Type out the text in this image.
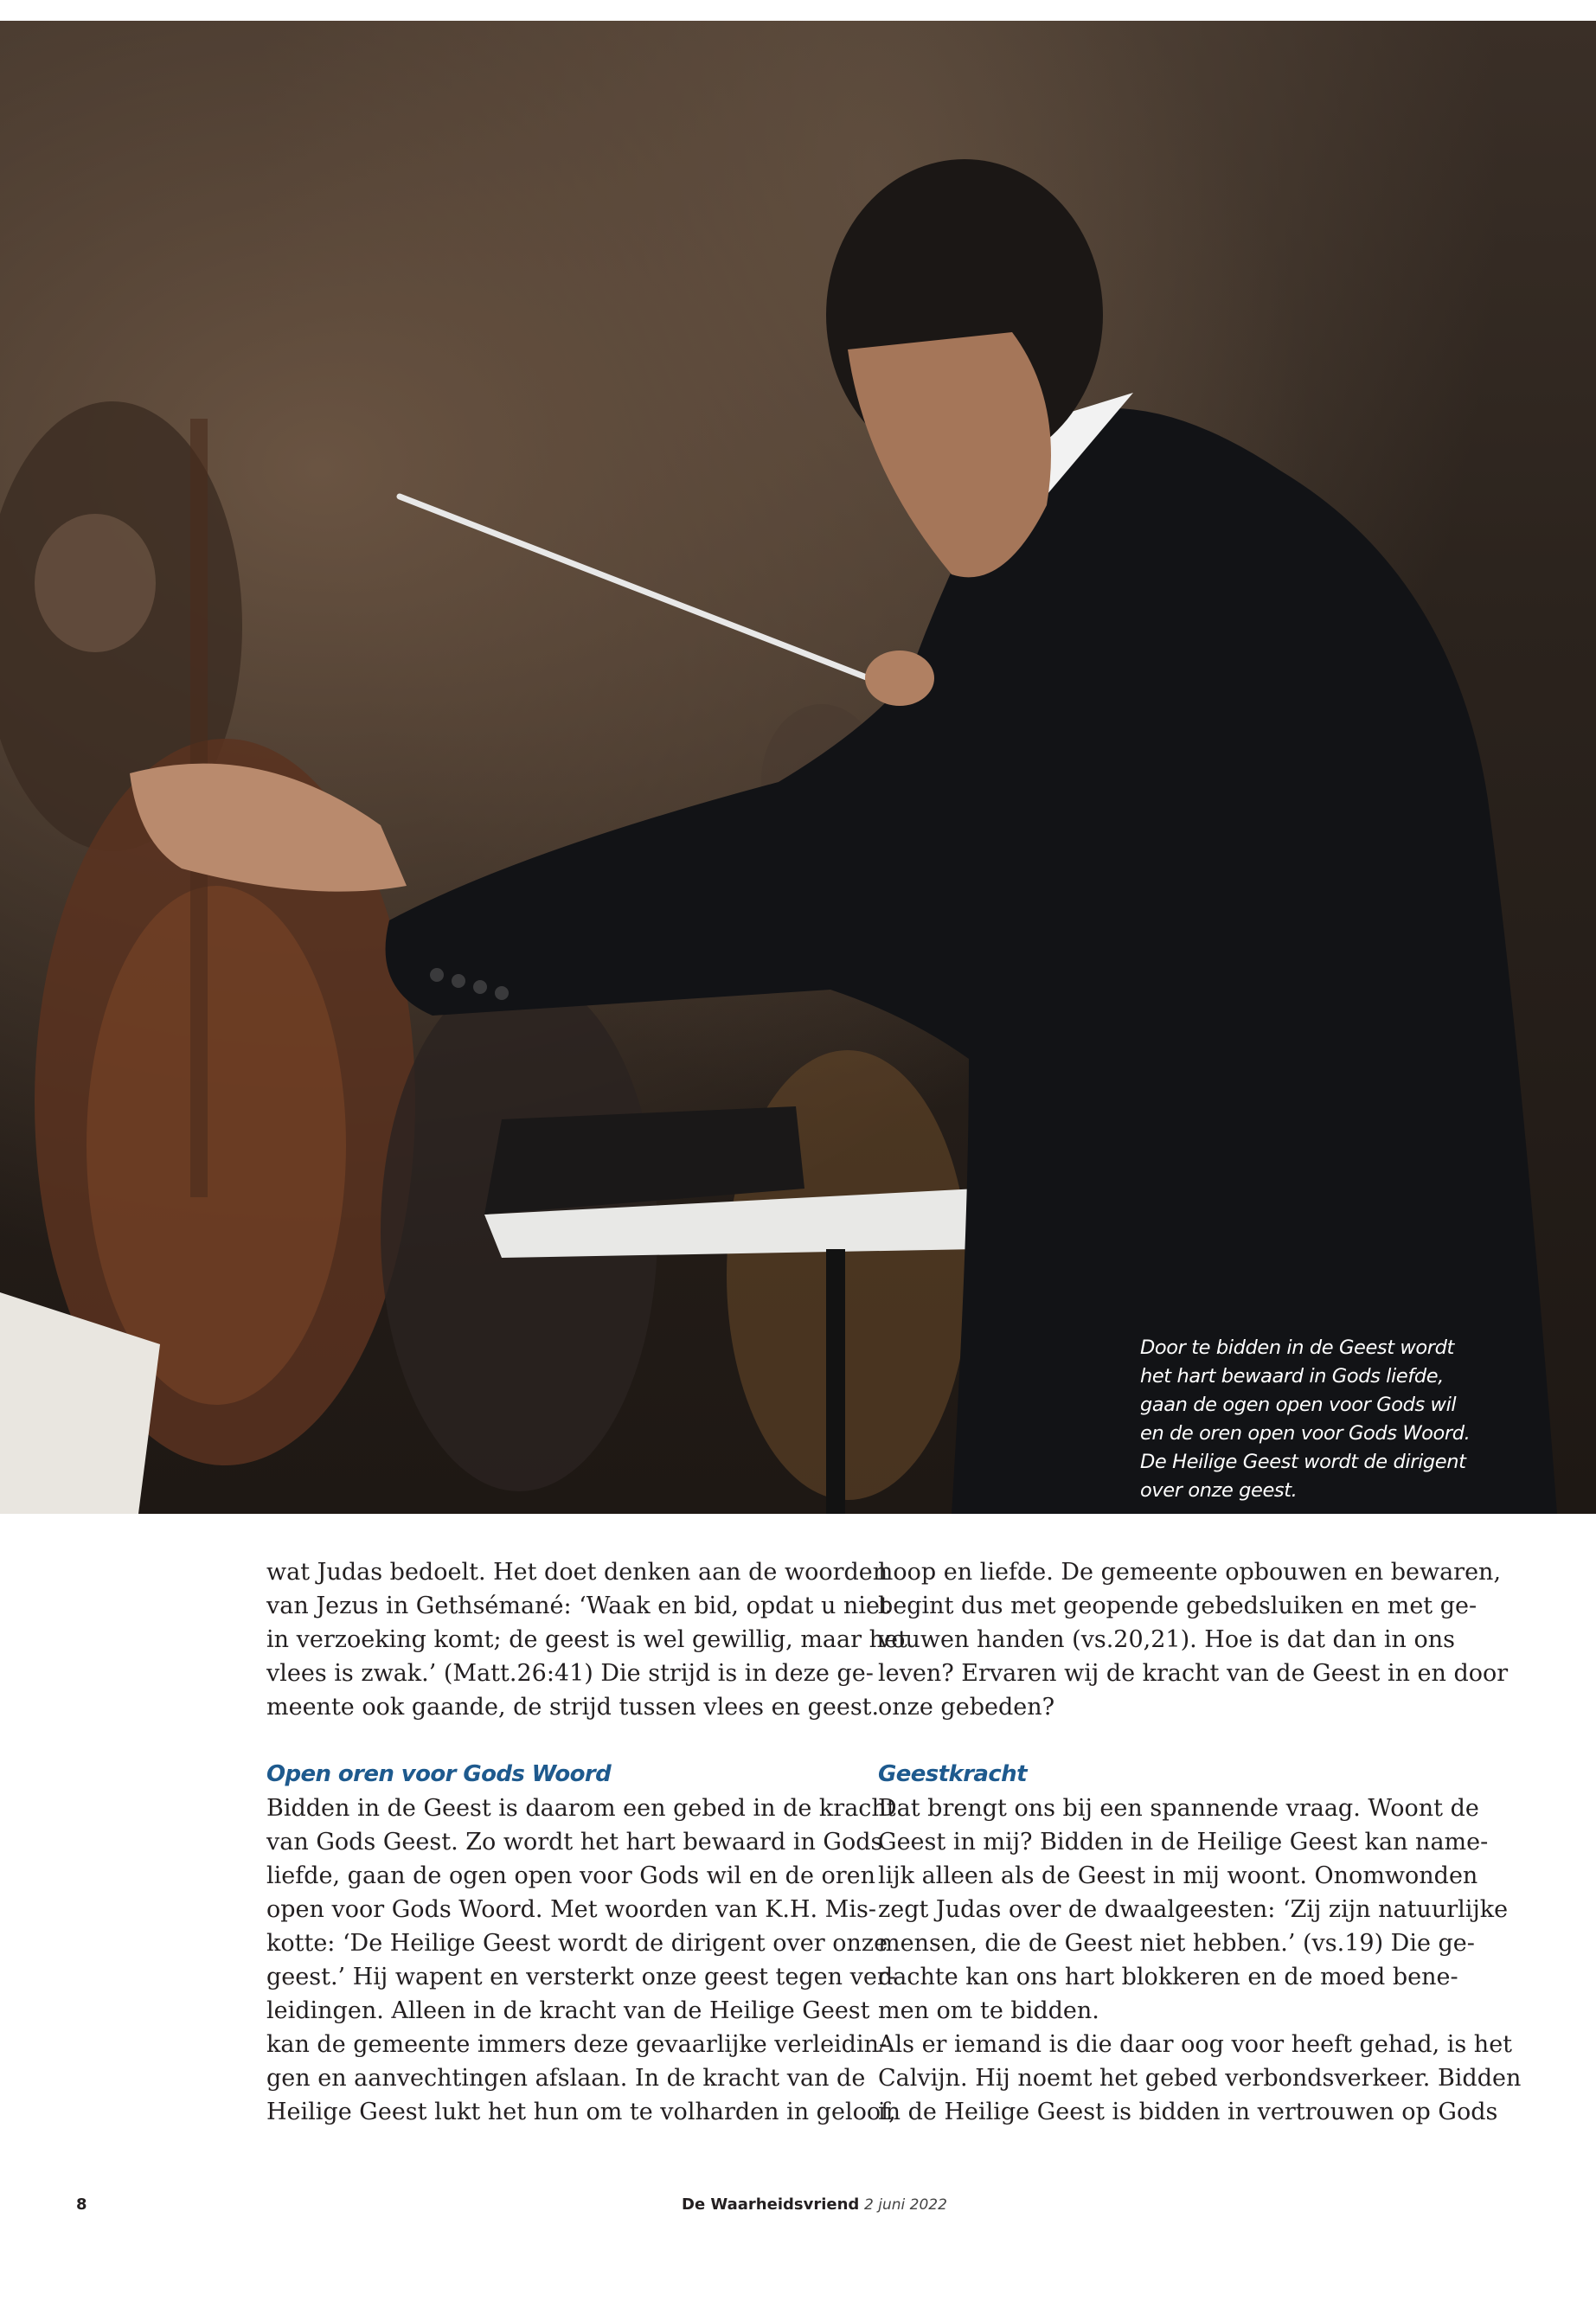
Door te bidden in de Geest wordt
het hart bewaard in Gods liefde,
gaan de ogen open voor Gods wil
en de oren open voor Gods Woord.
De Heilige Geest wordt de dirigent
over onze geest.
wat Judas bedoelt. Het doet denken aan de woorden
van Jezus in Gethsémané: ‘Waak en bid, opdat u niet
in verzoeking komt; de geest is wel gewillig, maar het
vlees is zwak.’ (Matt.26:41) Die strijd is in deze ge-
meente ook gaande, de strijd tussen vlees en geest.
Open oren voor Gods Woord
Bidden in de Geest is daarom een gebed in de kracht
van Gods Geest. Zo wordt het hart bewaard in Gods
liefde, gaan de ogen open voor Gods wil en de oren
open voor Gods Woord. Met woorden van K.H. Mis-
kotte: ‘De Heilige Geest wordt de dirigent over onze
geest.’ Hij wapent en versterkt onze geest tegen ver-
leidingen. Alleen in de kracht van de Heilige Geest
kan de gemeente immers deze gevaarlijke verleidin-
gen en aanvechtingen afslaan. In de kracht van de
Heilige Geest lukt het hun om te volharden in geloof,
hoop en liefde. De gemeente opbouwen en bewaren,
begint dus met geopende gebedsluiken en met ge-
vouwen handen (vs.20,21). Hoe is dat dan in ons
leven? Ervaren wij de kracht van de Geest in en door
onze gebeden?
Geestkracht
Dat brengt ons bij een spannende vraag. Woont de
Geest in mij? Bidden in de Heilige Geest kan name-
lijk alleen als de Geest in mij woont. Onomwonden
zegt Judas over de dwaalgeesten: ‘Zij zijn natuurlijke
mensen, die de Geest niet hebben.’ (vs.19) Die ge-
dachte kan ons hart blokkeren en de moed bene-
men om te bidden.
Als er iemand is die daar oog voor heeft gehad, is het
Calvijn. Hij noemt het gebed verbondsverkeer. Bidden
in de Heilige Geest is bidden in vertrouwen op Gods
8	De Waarheidsvriend 2 juni 2022
